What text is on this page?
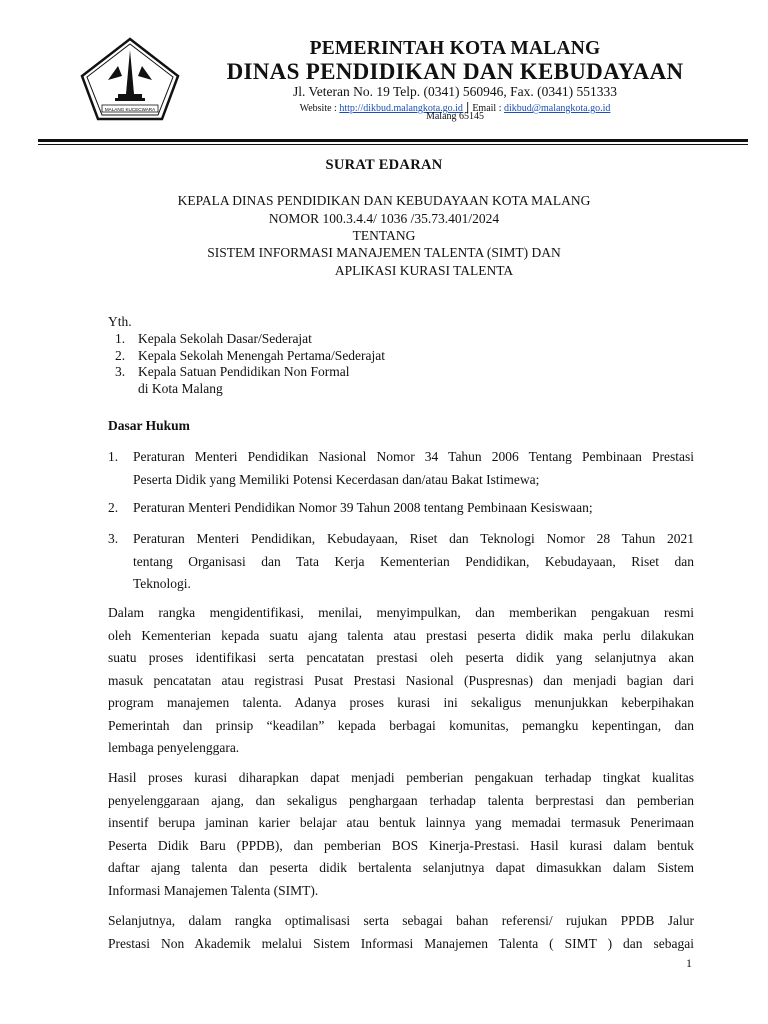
MALANG KUCECWARA
PEMERINTAH KOTA MALANG
DINAS PENDIDIKAN DAN KEBUDAYAAN
Jl. Veteran No. 19 Telp. (0341) 560946, Fax. (0341) 551333
Website : http://dikbud.malangkota.go.id | Email : dikbud@malangkota.go.id
Malang 65145
SURAT EDARAN
KEPALA DINAS PENDIDIKAN DAN KEBUDAYAAN KOTA MALANG
NOMOR 100.3.4.4/ 1036 /35.73.401/2024
TENTANG
SISTEM INFORMASI MANAJEMEN TALENTA (SIMT) DAN
APLIKASI KURASI TALENTA
Yth.
1. Kepala Sekolah Dasar/Sederajat
2. Kepala Sekolah Menengah Pertama/Sederajat
3. Kepala Satuan Pendidikan Non Formal
di Kota Malang
Dasar Hukum
1. Peraturan Menteri Pendidikan Nasional Nomor 34 Tahun 2006 Tentang Pembinaan Prestasi
Peserta Didik yang Memiliki Potensi Kecerdasan dan/atau Bakat Istimewa;
2. Peraturan Menteri Pendidikan Nomor 39 Tahun 2008 tentang Pembinaan Kesiswaan;
3. Peraturan Menteri Pendidikan, Kebudayaan, Riset dan Teknologi Nomor 28 Tahun 2021
tentang Organisasi dan Tata Kerja Kementerian Pendidikan, Kebudayaan, Riset dan
Teknologi.
Dalam rangka mengidentifikasi, menilai, menyimpulkan, dan memberikan pengakuan resmi
oleh Kementerian kepada suatu ajang talenta atau prestasi peserta didik maka perlu dilakukan
suatu proses identifikasi serta pencatatan prestasi oleh peserta didik yang selanjutnya akan
masuk pencatatan atau registrasi Pusat Prestasi Nasional (Puspresnas) dan menjadi bagian dari
program manajemen talenta. Adanya proses kurasi ini sekaligus menunjukkan keberpihakan
Pemerintah dan prinsip “keadilan” kepada berbagai komunitas, pemangku kepentingan, dan
lembaga penyelenggara.
Hasil proses kurasi diharapkan dapat menjadi pemberian pengakuan terhadap tingkat kualitas
penyelenggaraan ajang, dan sekaligus penghargaan terhadap talenta berprestasi dan pemberian
insentif berupa jaminan karier belajar atau bentuk lainnya yang memadai termasuk Penerimaan
Peserta Didik Baru (PPDB), dan pemberian BOS Kinerja-Prestasi. Hasil kurasi dalam bentuk
daftar ajang talenta dan peserta didik bertalenta selanjutnya dapat dimasukkan dalam Sistem
Informasi Manajemen Talenta (SIMT).
Selanjutnya, dalam rangka optimalisasi serta sebagai bahan referensi/ rujukan PPDB Jalur
Prestasi Non Akademik melalui Sistem Informasi Manajemen Talenta ( SIMT ) dan sebagai
1
